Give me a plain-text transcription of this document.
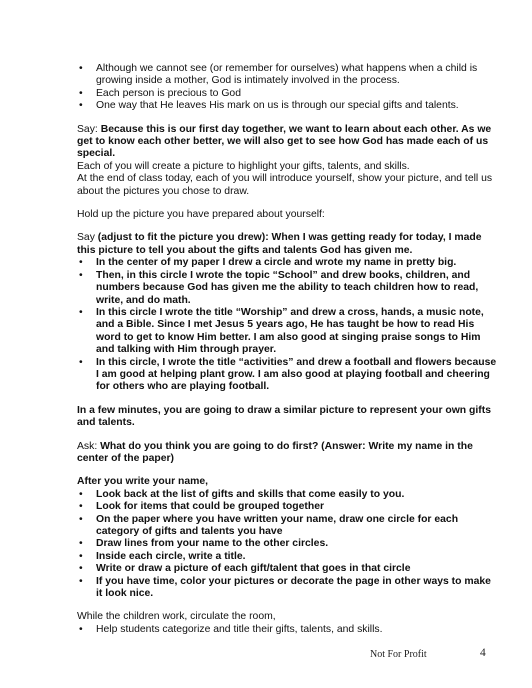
• Although we cannot see (or remember for ourselves) what happens when a child is growing inside a mother, God is intimately involved in the process.
• Each person is precious to God
• One way that He leaves His mark on us is through our special gifts and talents.

Say: Because this is our first day together, we want to learn about each other. As we get to know each other better, we will also get to see how God has made each of us special.

Each of you will create a picture to highlight your gifts, talents, and skills.

At the end of class today, each of you will introduce yourself, show your picture, and tell us about the pictures you chose to draw.

Hold up the picture you have prepared about yourself:

Say (adjust to fit the picture you drew): When I was getting ready for today, I made this picture to tell you about the gifts and talents God has given me.

• In the center of my paper I drew a circle and wrote my name in pretty big.
• Then, in this circle I wrote the topic “School” and drew books, children, and numbers because God has given me the ability to teach children how to read, write, and do math.
• In this circle I wrote the title “Worship” and drew a cross, hands, a music note, and a Bible. Since I met Jesus 5 years ago, He has taught be how to read His word to get to know Him better. I am also good at singing praise songs to Him and talking with Him through prayer.
• In this circle, I wrote the title “activities” and drew a football and flowers because I am good at helping plant grow. I am also good at playing football and cheering for others who are playing football.

In a few minutes, you are going to draw a similar picture to represent your own gifts and talents.

Ask: What do you think you are going to do first? (Answer: Write my name in the center of the paper)

After you write your name,

• Look back at the list of gifts and skills that come easily to you.
• Look for items that could be grouped together
• On the paper where you have written your name, draw one circle for each category of gifts and talents you have
• Draw lines from your name to the other circles.
• Inside each circle, write a title.
• Write or draw a picture of each gift/talent that goes in that circle
• If you have time, color your pictures or decorate the page in other ways to make it look nice.

While the children work, circulate the room,

• Help students categorize and title their gifts, talents, and skills.
Not For Profit	4
